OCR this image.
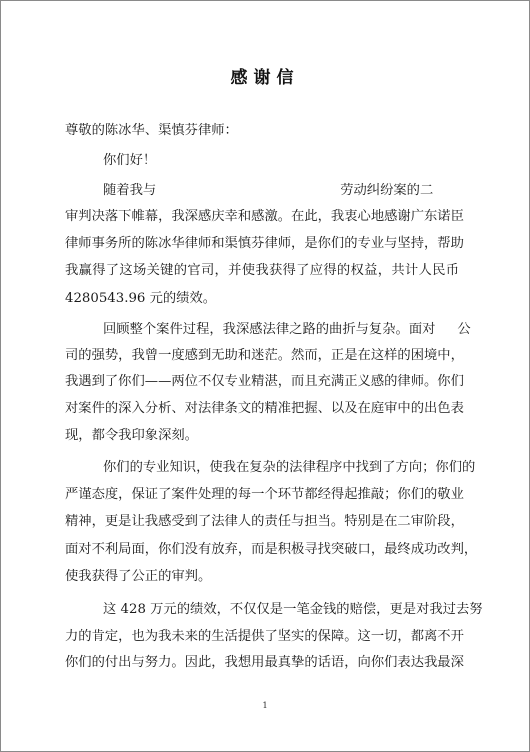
感谢信
尊敬的陈冰华、渠慎芬律师：
你们好！
随着我与	劳动纠纷案的二
审判决落下帷幕，我深感庆幸和感激。在此，我衷心地感谢广东诺臣
律师事务所的陈冰华律师和渠慎芬律师，是你们的专业与坚持，帮助
我赢得了这场关键的官司，并使我获得了应得的权益，共计人民币
4280543.96 元的绩效。
回顾整个案件过程，我深感法律之路的曲折与复杂。面对 公
司的强势，我曾一度感到无助和迷茫。然而，正是在这样的困境中，
我遇到了你们——两位不仅专业精湛，而且充满正义感的律师。你们
对案件的深入分析、对法律条文的精准把握、以及在庭审中的出色表
现，都令我印象深刻。
你们的专业知识，使我在复杂的法律程序中找到了方向；你们的
严谨态度，保证了案件处理的每一个环节都经得起推敲；你们的敬业
精神，更是让我感受到了法律人的责任与担当。特别是在二审阶段，
面对不利局面，你们没有放弃，而是积极寻找突破口，最终成功改判，
使我获得了公正的审判。
这 428 万元的绩效，不仅仅是一笔金钱的赔偿，更是对我过去努
力的肯定，也为我未来的生活提供了坚实的保障。这一切，都离不开
你们的付出与努力。因此，我想用最真挚的话语，向你们表达我最深
1
